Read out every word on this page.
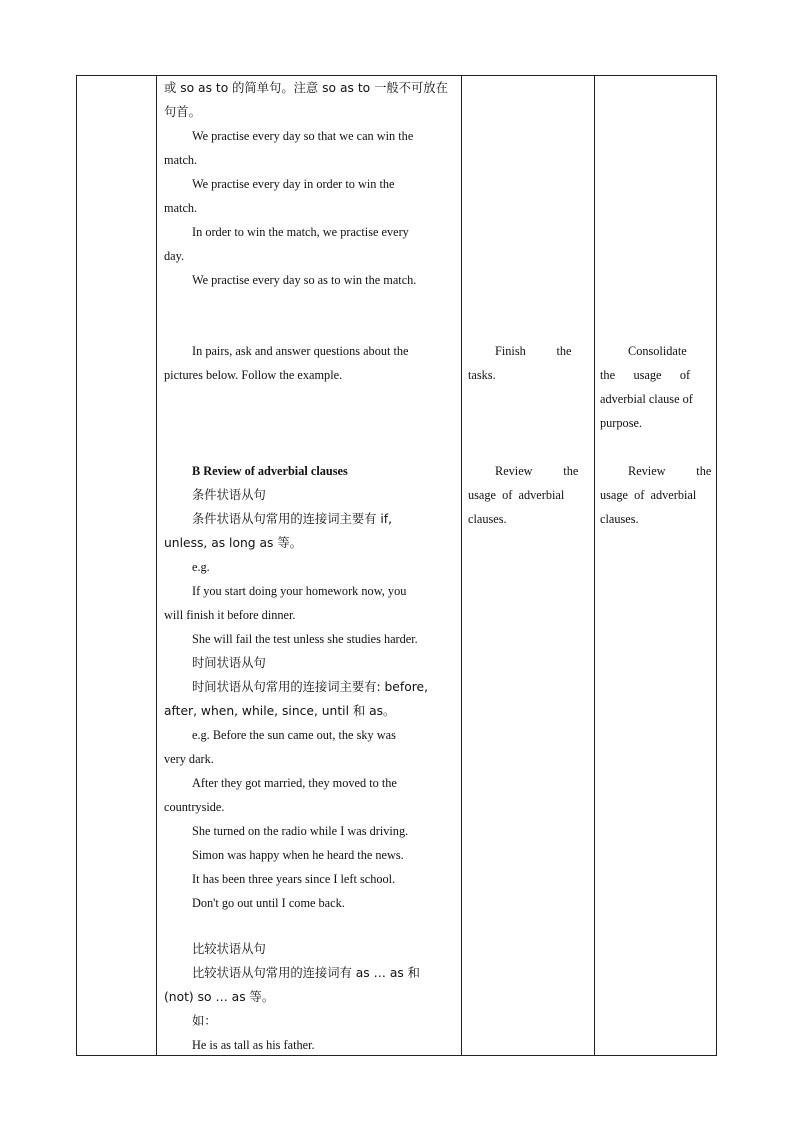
或 so as to 的简单句。注意 so as to 一般不可放在
句首。
We practise every day so that we can win the
match.
We practise every day in order to win the
match.
In order to win the match, we practise every
day.
We practise every day so as to win the match.
In pairs, ask and answer questions about the
pictures below. Follow the example.
B Review of adverbial clauses
条件状语从句
条件状语从句常用的连接词主要有 if,
unless, as long as 等。
e.g.
If you start doing your homework now, you
will finish it before dinner.
She will fail the test unless she studies harder.
时间状语从句
时间状语从句常用的连接词主要有: before,
after, when, while, since, until 和 as。
e.g. Before the sun came out, the sky was
very dark.
After they got married, they moved to the
countryside.
She turned on the radio while I was driving.
Simon was happy when he heard the news.
It has been three years since I left school.
Don't go out until I come back.
比较状语从句
比较状语从句常用的连接词有 as … as 和
(not) so … as 等。
如：
He is as tall as his father.
Finish          the
tasks.
Review          the
usage  of  adverbial
clauses.
Consolidate
the      usage      of
adverbial clause of
purpose.
Review          the
usage  of  adverbial
clauses.
